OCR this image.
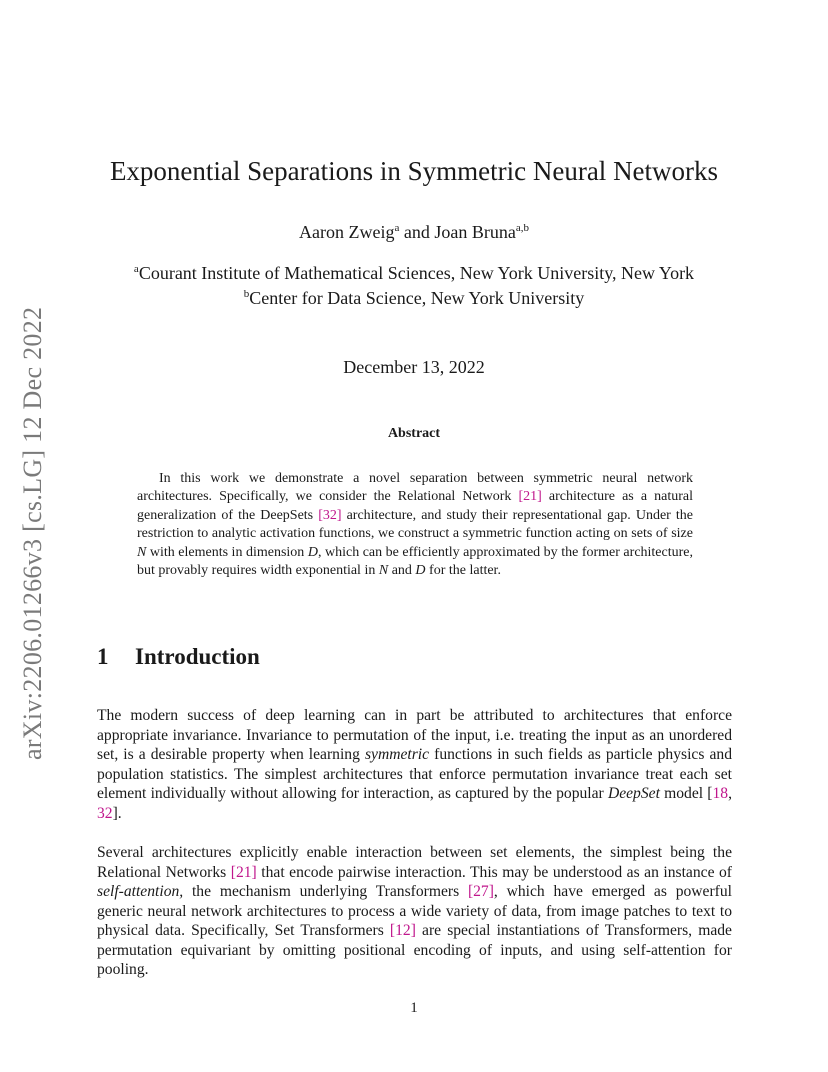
arXiv:2206.01266v3 [cs.LG] 12 Dec 2022
Exponential Separations in Symmetric Neural Networks
Aaron Zweig$^a$ and Joan Bruna$^{a,b}$
$^a$Courant Institute of Mathematical Sciences, New York University, New York
$^b$Center for Data Science, New York University
December 13, 2022
Abstract
In this work we demonstrate a novel separation between symmetric neural network architectures. Specifically, we consider the Relational Network [21] architecture as a natural generalization of the DeepSets [32] architecture, and study their representational gap. Under the restriction to analytic activation functions, we construct a symmetric function acting on sets of size N with elements in dimension D, which can be efficiently approximated by the former architecture, but provably requires width exponential in N and D for the latter.
1 Introduction
The modern success of deep learning can in part be attributed to architectures that enforce appropriate invariance. Invariance to permutation of the input, i.e. treating the input as an unordered set, is a desirable property when learning symmetric functions in such fields as particle physics and population statistics. The simplest architectures that enforce permutation invariance treat each set element individually without allowing for interaction, as captured by the popular DeepSet model [18, 32].
Several architectures explicitly enable interaction between set elements, the simplest being the Relational Networks [21] that encode pairwise interaction. This may be understood as an instance of self-attention, the mechanism underlying Transformers [27], which have emerged as powerful generic neural network architectures to process a wide variety of data, from image patches to text to physical data. Specifically, Set Transformers [12] are special instantiations of Transformers, made permutation equivariant by omitting positional encoding of inputs, and using self-attention for pooling.
1
